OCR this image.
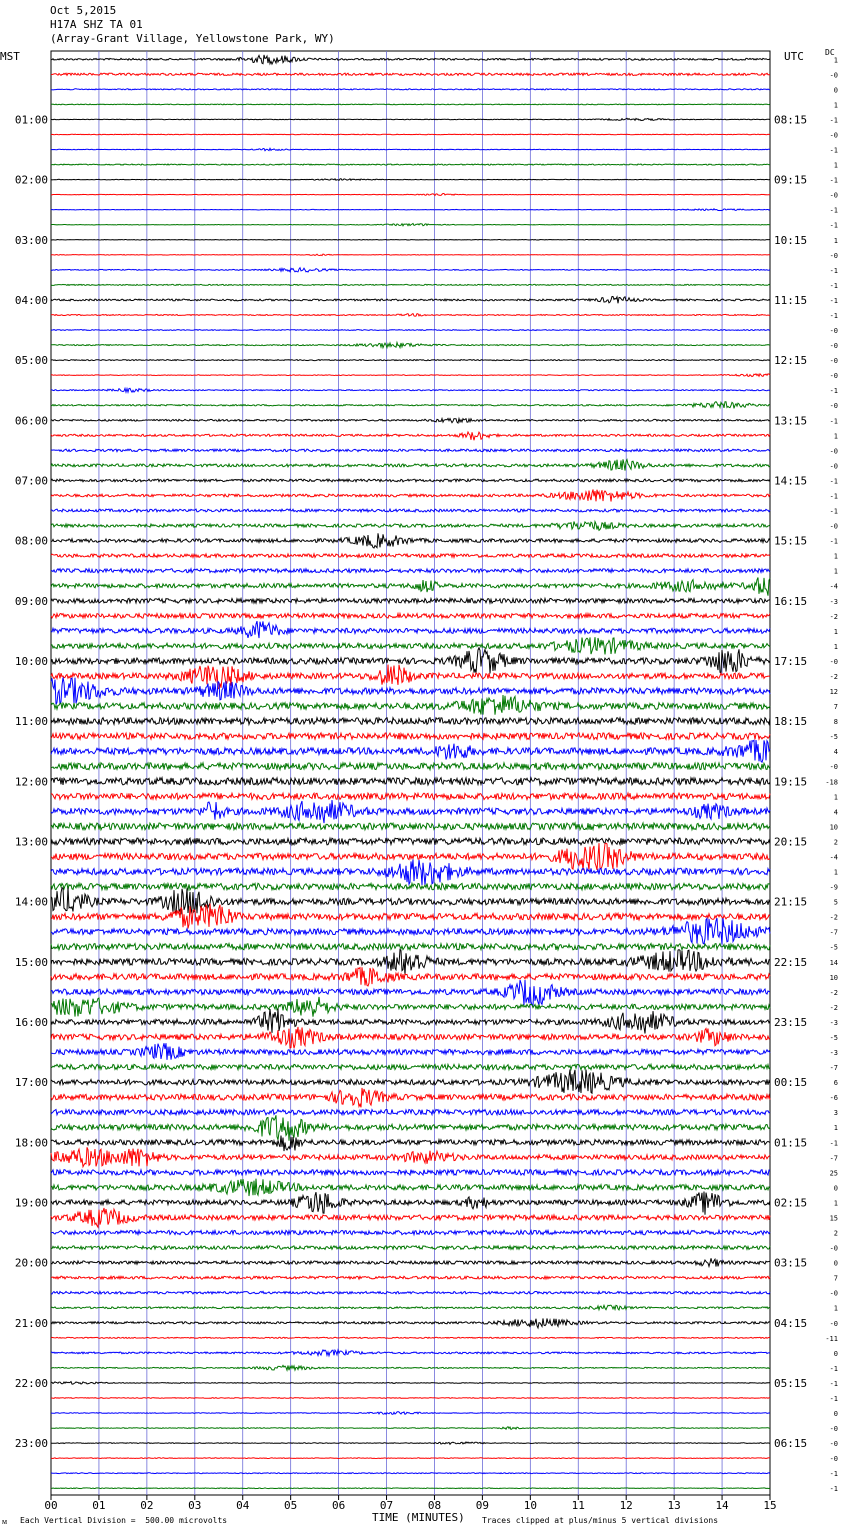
Oct 5,2015
H17A SHZ TA 01
(Array-Grant Village, Yellowstone Park, WY)
MST	UTC	DC
1
-0
0
1
-1
-0
-1
1
-1
-0
-1
-1
1
-0
-1
-1
-1
-1
-0
-0
-0
-0
-1
-0
-1
1
-0
-0
-1
-1
-1
-0
-1
1
1
-4
-3
-2
1
1
-0
-2
12
7
8
-5
4
-0
-18
1
4
10
2
-4
1
-9
5
-2
-7
-5
14
10
-2
-2
-3
-5
-3
-7
6
-6
3
1
-1
-7
25
0
1
15
2
-0
0
7
-0
1
-0
-11
0
-1
-1
-1
0
-0
-0
-0
-1
-1
01:00
02:00
03:00
04:00
05:00
06:00
07:00
08:00
09:00
10:00
11:00
12:00
13:00
14:00
15:00
16:00
17:00
18:00
19:00
20:00
21:00
22:00
23:00
08:15
09:15
10:15
11:15
12:15
13:15
14:15
15:15
16:15
17:15
18:15
19:15
20:15
21:15
22:15
23:15
00:15
01:15
02:15
03:15
04:15
05:15
06:15
00	01	02	03	04	05	06	07	08	09	10	11	12	13	14	15
ᴍ Each Vertical Division =  500.00 microvolts	TIME (MINUTES) Traces clipped at plus/minus 5 vertical divisions
